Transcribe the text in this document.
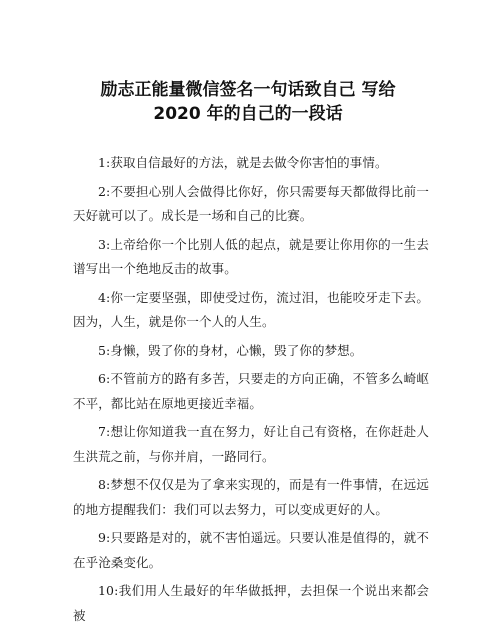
励志正能量微信签名一句话致自己 写给
2020 年的自己的一段话

1:获取自信最好的方法，就是去做令你害怕的事情。

2:不要担心别人会做得比你好，你只需要每天都做得比前一天好就可以了。成长是一场和自己的比赛。

3:上帝给你一个比别人低的起点，就是要让你用你的一生去谱写出一个绝地反击的故事。

4:你一定要坚强，即使受过伤，流过泪，也能咬牙走下去。因为，人生，就是你一个人的人生。

5:身懒，毁了你的身材，心懒，毁了你的梦想。

6:不管前方的路有多苦，只要走的方向正确，不管多么崎岖不平，都比站在原地更接近幸福。

7:想让你知道我一直在努力，好让自己有资格，在你赶赴人生洪荒之前，与你并肩，一路同行。

8:梦想不仅仅是为了拿来实现的，而是有一件事情，在远远的地方提醒我们：我们可以去努力，可以变成更好的人。

9:只要路是对的，就不害怕遥远。只要认准是值得的，就不在乎沧桑变化。

10:我们用人生最好的年华做抵押，去担保一个说出来都会被
